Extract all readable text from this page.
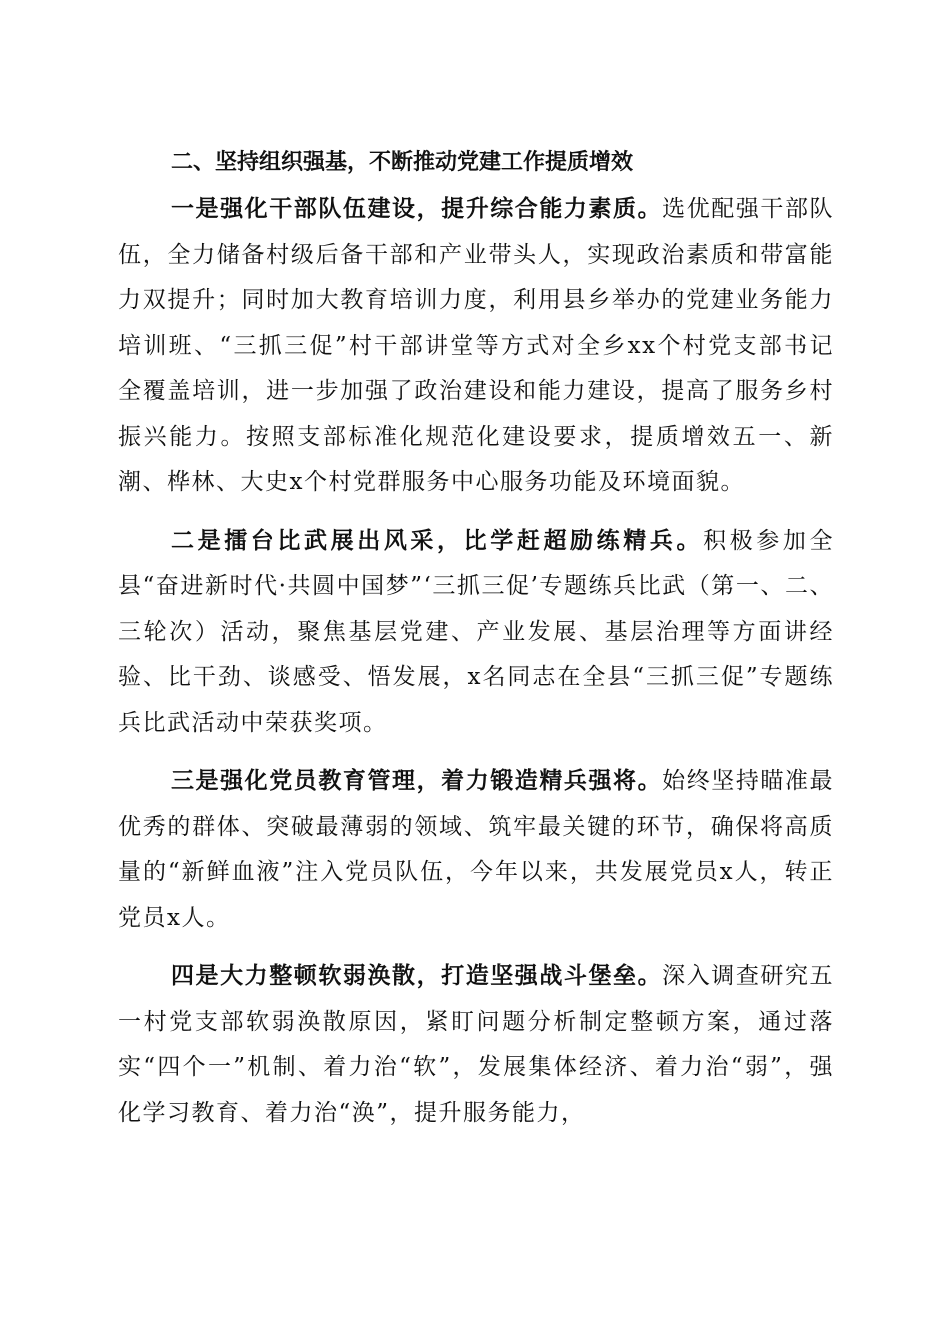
二、坚持组织强基，不断推动党建工作提质增效

一是强化干部队伍建设，提升综合能力素质。选优配强干部队伍，全力储备村级后备干部和产业带头人，实现政治素质和带富能力双提升；同时加大教育培训力度，利用县乡举办的党建业务能力培训班、“三抓三促”村干部讲堂等方式对全乡xx个村党支部书记全覆盖培训，进一步加强了政治建设和能力建设，提高了服务乡村振兴能力。按照支部标准化规范化建设要求，提质增效五一、新潮、桦林、大史x个村党群服务中心服务功能及环境面貌。

二是擂台比武展出风采，比学赶超励练精兵。积极参加全县“奋进新时代·共圆中国梦”‘三抓三促’专题练兵比武（第一、二、三轮次）活动，聚焦基层党建、产业发展、基层治理等方面讲经验、比干劲、谈感受、悟发展，x名同志在全县“三抓三促”专题练兵比武活动中荣获奖项。

三是强化党员教育管理，着力锻造精兵强将。始终坚持瞄准最优秀的群体、突破最薄弱的领域、筑牢最关键的环节，确保将高质量的“新鲜血液”注入党员队伍，今年以来，共发展党员x人，转正党员x人。

四是大力整顿软弱涣散，打造坚强战斗堡垒。深入调查研究五一村党支部软弱涣散原因，紧盯问题分析制定整顿方案，通过落实“四个一”机制、着力治“软”，发展集体经济、着力治“弱”，强化学习教育、着力治“涣”，提升服务能力，
